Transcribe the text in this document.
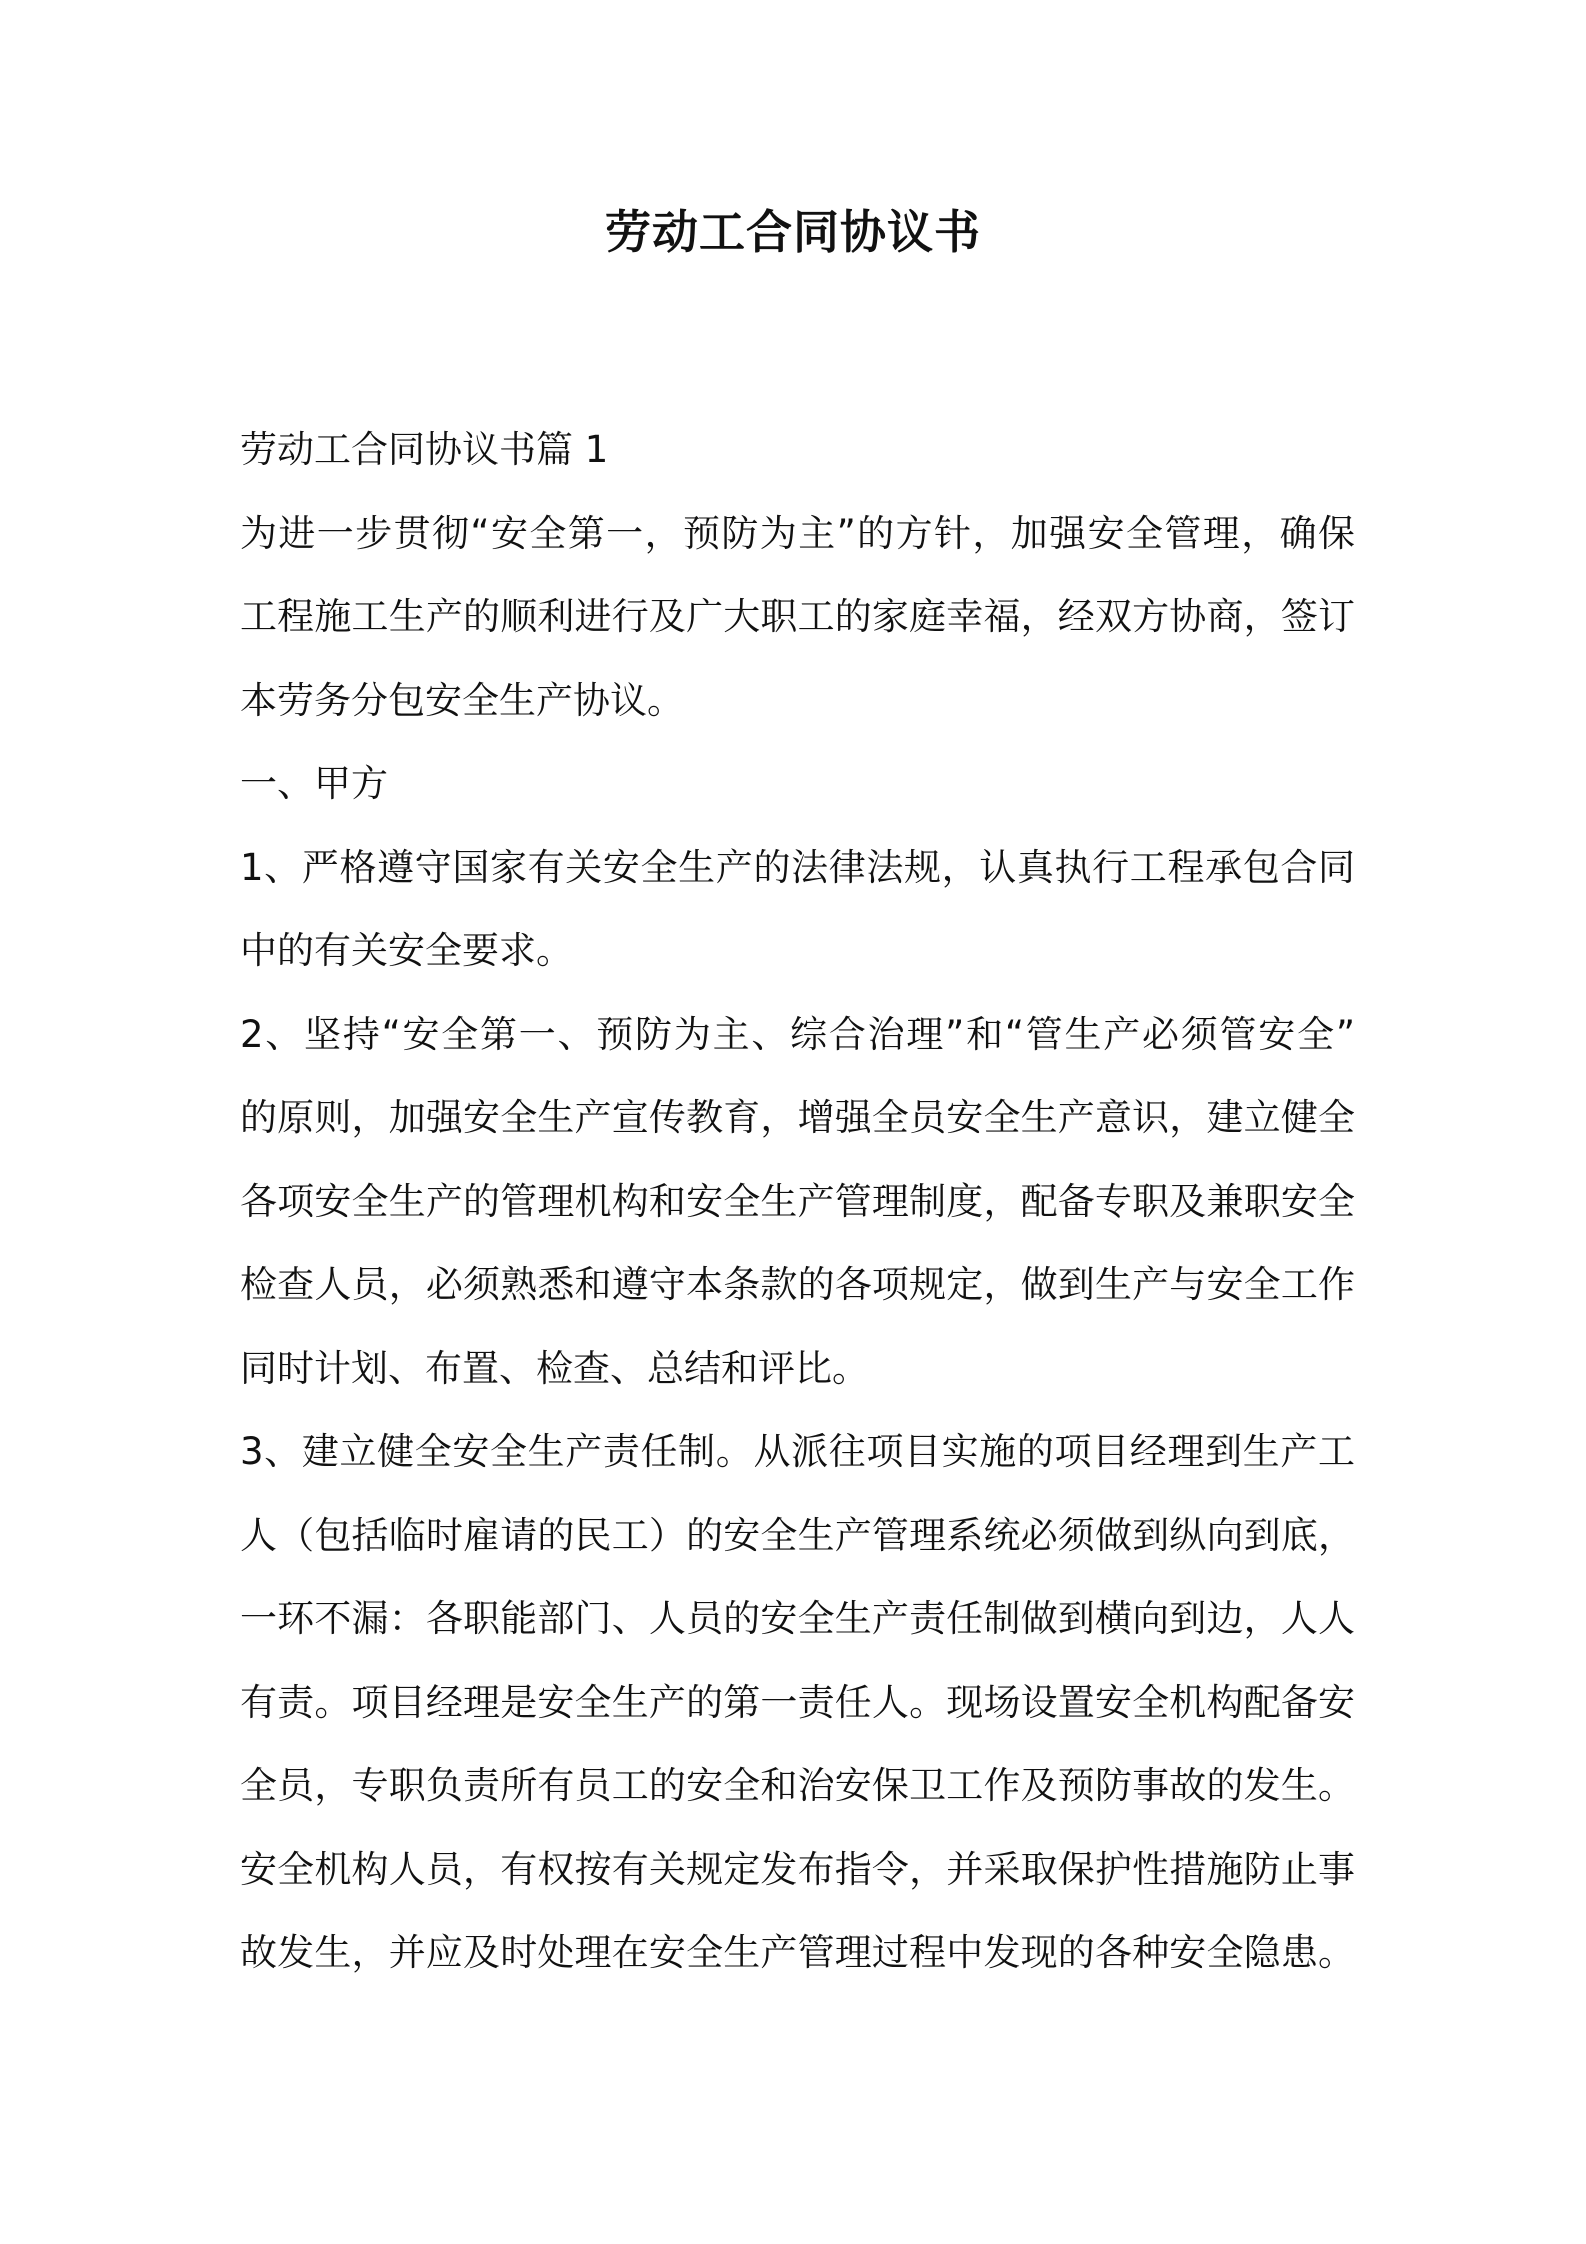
劳动工合同协议书
劳动工合同协议书篇 1
为进一步贯彻“安全第一，预防为主”的方针，加强安全管理，确保
工程施工生产的顺利进行及广大职工的家庭幸福，经双方协商，签订
本劳务分包安全生产协议。
一、甲方
1、严格遵守国家有关安全生产的法律法规，认真执行工程承包合同
中的有关安全要求。
2、坚持“安全第一、预防为主、综合治理”和“管生产必须管安全”
的原则，加强安全生产宣传教育，增强全员安全生产意识，建立健全
各项安全生产的管理机构和安全生产管理制度，配备专职及兼职安全
检查人员，必须熟悉和遵守本条款的各项规定，做到生产与安全工作
同时计划、布置、检查、总结和评比。
3、建立健全安全生产责任制。从派往项目实施的项目经理到生产工
人（包括临时雇请的民工）的安全生产管理系统必须做到纵向到底，
一环不漏：各职能部门、人员的安全生产责任制做到横向到边，人人
有责。项目经理是安全生产的第一责任人。现场设置安全机构配备安
全员，专职负责所有员工的安全和治安保卫工作及预防事故的发生。
安全机构人员，有权按有关规定发布指令，并采取保护性措施防止事
故发生，并应及时处理在安全生产管理过程中发现的各种安全隐患。
